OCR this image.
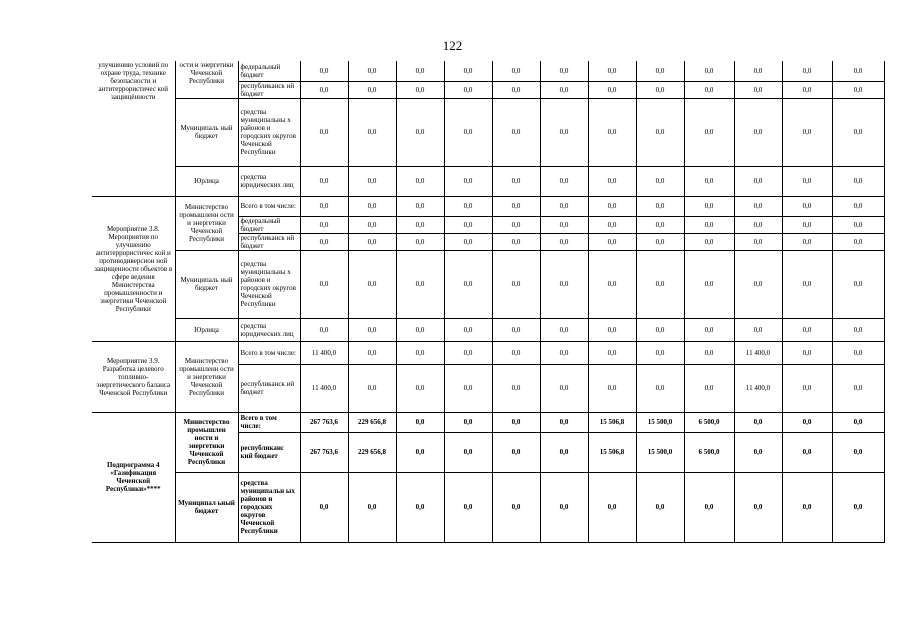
122
улучшению условий по охране труда, технике безопасности и антитеррористичес кой защищённости	ости и энергетики Чеченской Республики	федеральный бюджет	0,0	0,0	0,0	0,0	0,0	0,0	0,0	0,0	0,0	0,0	0,0	0,0
		республиканск ий бюджет	0,0	0,0	0,0	0,0	0,0	0,0	0,0	0,0	0,0	0,0	0,0	0,0
	Муниципаль ный бюджет	средства муниципальны х районов и городских округов Чеченской Республики	0,0	0,0	0,0	0,0	0,0	0,0	0,0	0,0	0,0	0,0	0,0	0,0
	Юрлица	средства юридических лиц	0,0	0,0	0,0	0,0	0,0	0,0	0,0	0,0	0,0	0,0	0,0	0,0
Мероприятие 3.8. Мероприятия по улучшению антитеррористичес кой и противодиверсион ной защищенности объектов в сфере ведения Министерства промышленности и энергетики Чеченской Республики	Министерство промышленн ости и энергетики Чеченской Республики	Всего в том числе:	0,0	0,0	0,0	0,0	0,0	0,0	0,0	0,0	0,0	0,0	0,0	0,0
		федеральный бюджет	0,0	0,0	0,0	0,0	0,0	0,0	0,0	0,0	0,0	0,0	0,0	0,0
		республиканск ий бюджет	0,0	0,0	0,0	0,0	0,0	0,0	0,0	0,0	0,0	0,0	0,0	0,0
	Муниципаль ный бюджет	средства муниципальны х районов и городских округов Чеченской Республики	0,0	0,0	0,0	0,0	0,0	0,0	0,0	0,0	0,0	0,0	0,0	0,0
	Юрлица	средства юридических лиц	0,0	0,0	0,0	0,0	0,0	0,0	0,0	0,0	0,0	0,0	0,0	0,0
Мероприятие 3.9. Разработка целевого топливно-энергетического баланса Чеченской Республики	Министерство промышленн ости и энергетики Чеченской Республики	Всего в том числе:	11 400,0	0,0	0,0	0,0	0,0	0,0	0,0	0,0	0,0	11 400,0	0,0	0,0
		республиканск ий бюджет	11 400,0	0,0	0,0	0,0	0,0	0,0	0,0	0,0	0,0	11 400,0	0,0	0,0
Подпрограмма 4 «Газификация Чеченской Республики»****	Министерство промышлен ности и энергетики Чеченской Республики	Всего в том числе:	267 763,6	229 656,8	0,0	0,0	0,0	0,0	15 506,8	15 500,0	6 500,0	0,0	0,0	0,0
		республиканс кий бюджет	267 763,6	229 656,8	0,0	0,0	0,0	0,0	15 506,8	15 500,0	6 500,0	0,0	0,0	0,0
	Муниципал ьный бюджет	средства муниципальн ых районов и городских округов Чеченской Республики	0,0	0,0	0,0	0,0	0,0	0,0	0,0	0,0	0,0	0,0	0,0	0,0
